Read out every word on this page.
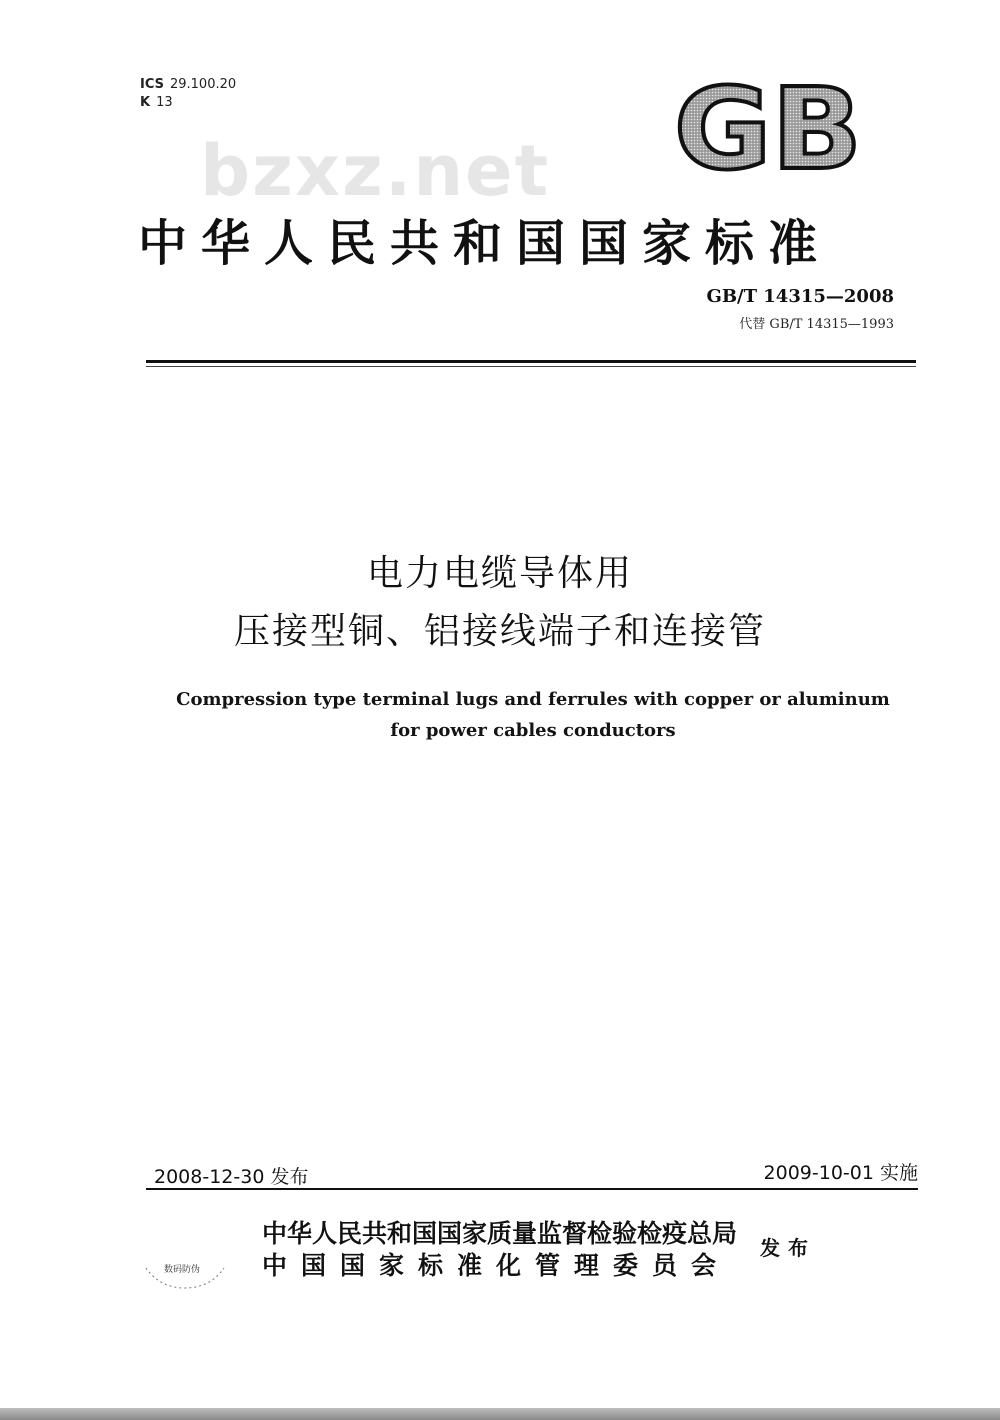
ICS 29.100.20
K 13	GB
bzxz.net
中华人民共和国国家标准
GB/T 14315—2008
代替 GB/T 14315—1993
电力电缆导体用
压接型铜、铝接线端子和连接管
Compression type terminal lugs and ferrules with copper or aluminum
for power cables conductors
2008-12-30 发布	2009-10-01 实施
数码防伪
中华人民共和国国家质量监督检验检疫总局
中国国家标准化管理委员会
发布
